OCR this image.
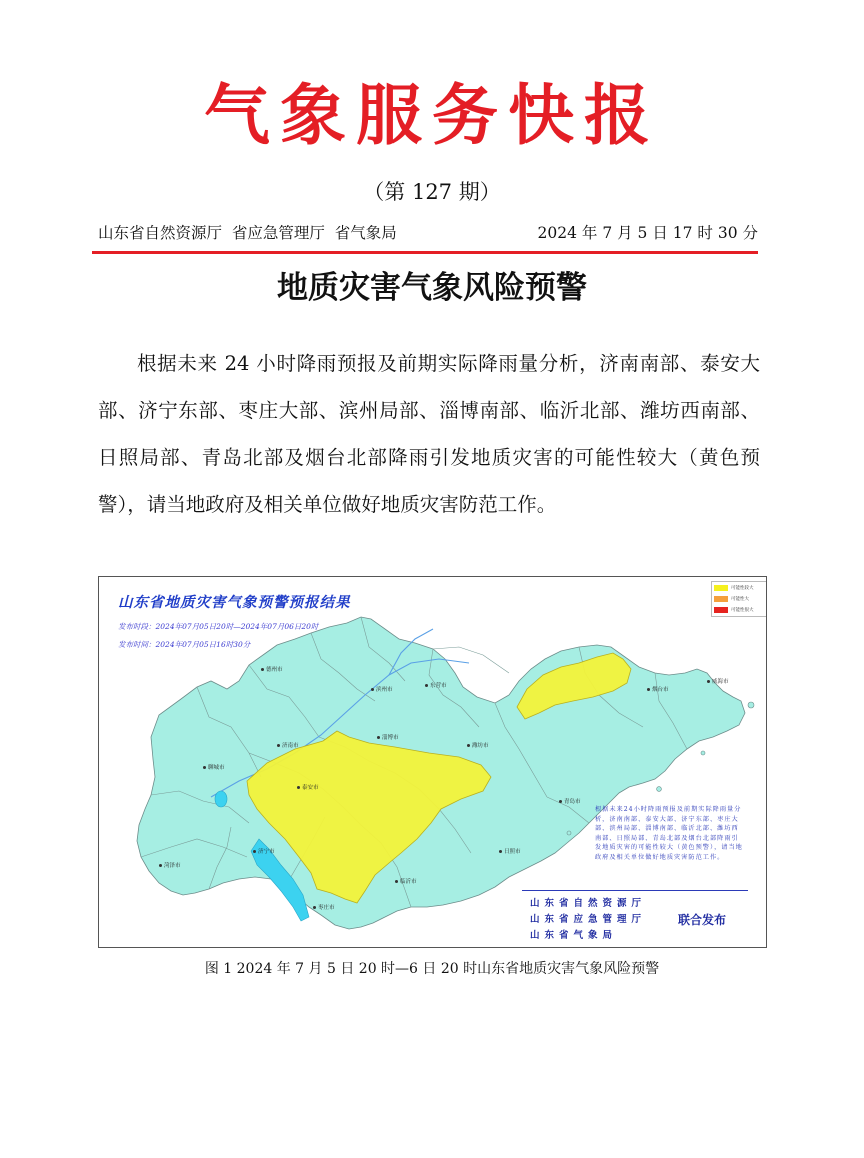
气象服务快报
（第 127 期）
山东省自然资源厅  省应急管理厅  省气象局	2024 年 7 月 5 日 17 时 30 分
地质灾害气象风险预警
根据未来 24 小时降雨预报及前期实际降雨量分析，济南南部、泰安大部、济宁东部、枣庄大部、滨州局部、淄博南部、临沂北部、潍坊西南部、日照局部、青岛北部及烟台北部降雨引发地质灾害的可能性较大（黄色预警），请当地政府及相关单位做好地质灾害防范工作。
山东省地质灾害气象预警预报结果
发布时段：2024年07月05日20时—2024年07月06日20时
发布时间：2024年07月05日16时30分
可能性较大
可能性大
可能性很大
德州市
滨州市
东营市
烟台市
威海市
济南市
淄博市
潍坊市
聊城市
泰安市
青岛市
济宁市	日照市
菏泽市
临沂市
枣庄市
根据未来24小时降雨预报及前期实际降雨量分析，济南南部、泰安大部、济宁东部、枣庄大部、滨州局部、淄博南部、临沂北部、潍坊西南部、日照局部、青岛北部及烟台北部降雨引发地质灾害的可能性较大（黄色预警），请当地政府及相关单位做好地质灾害防范工作。
山东省自然资源厅
山东省应急管理厅
山东省气象局
联合发布
图 1 2024 年 7 月 5 日 20 时—6 日 20 时山东省地质灾害气象风险预警
